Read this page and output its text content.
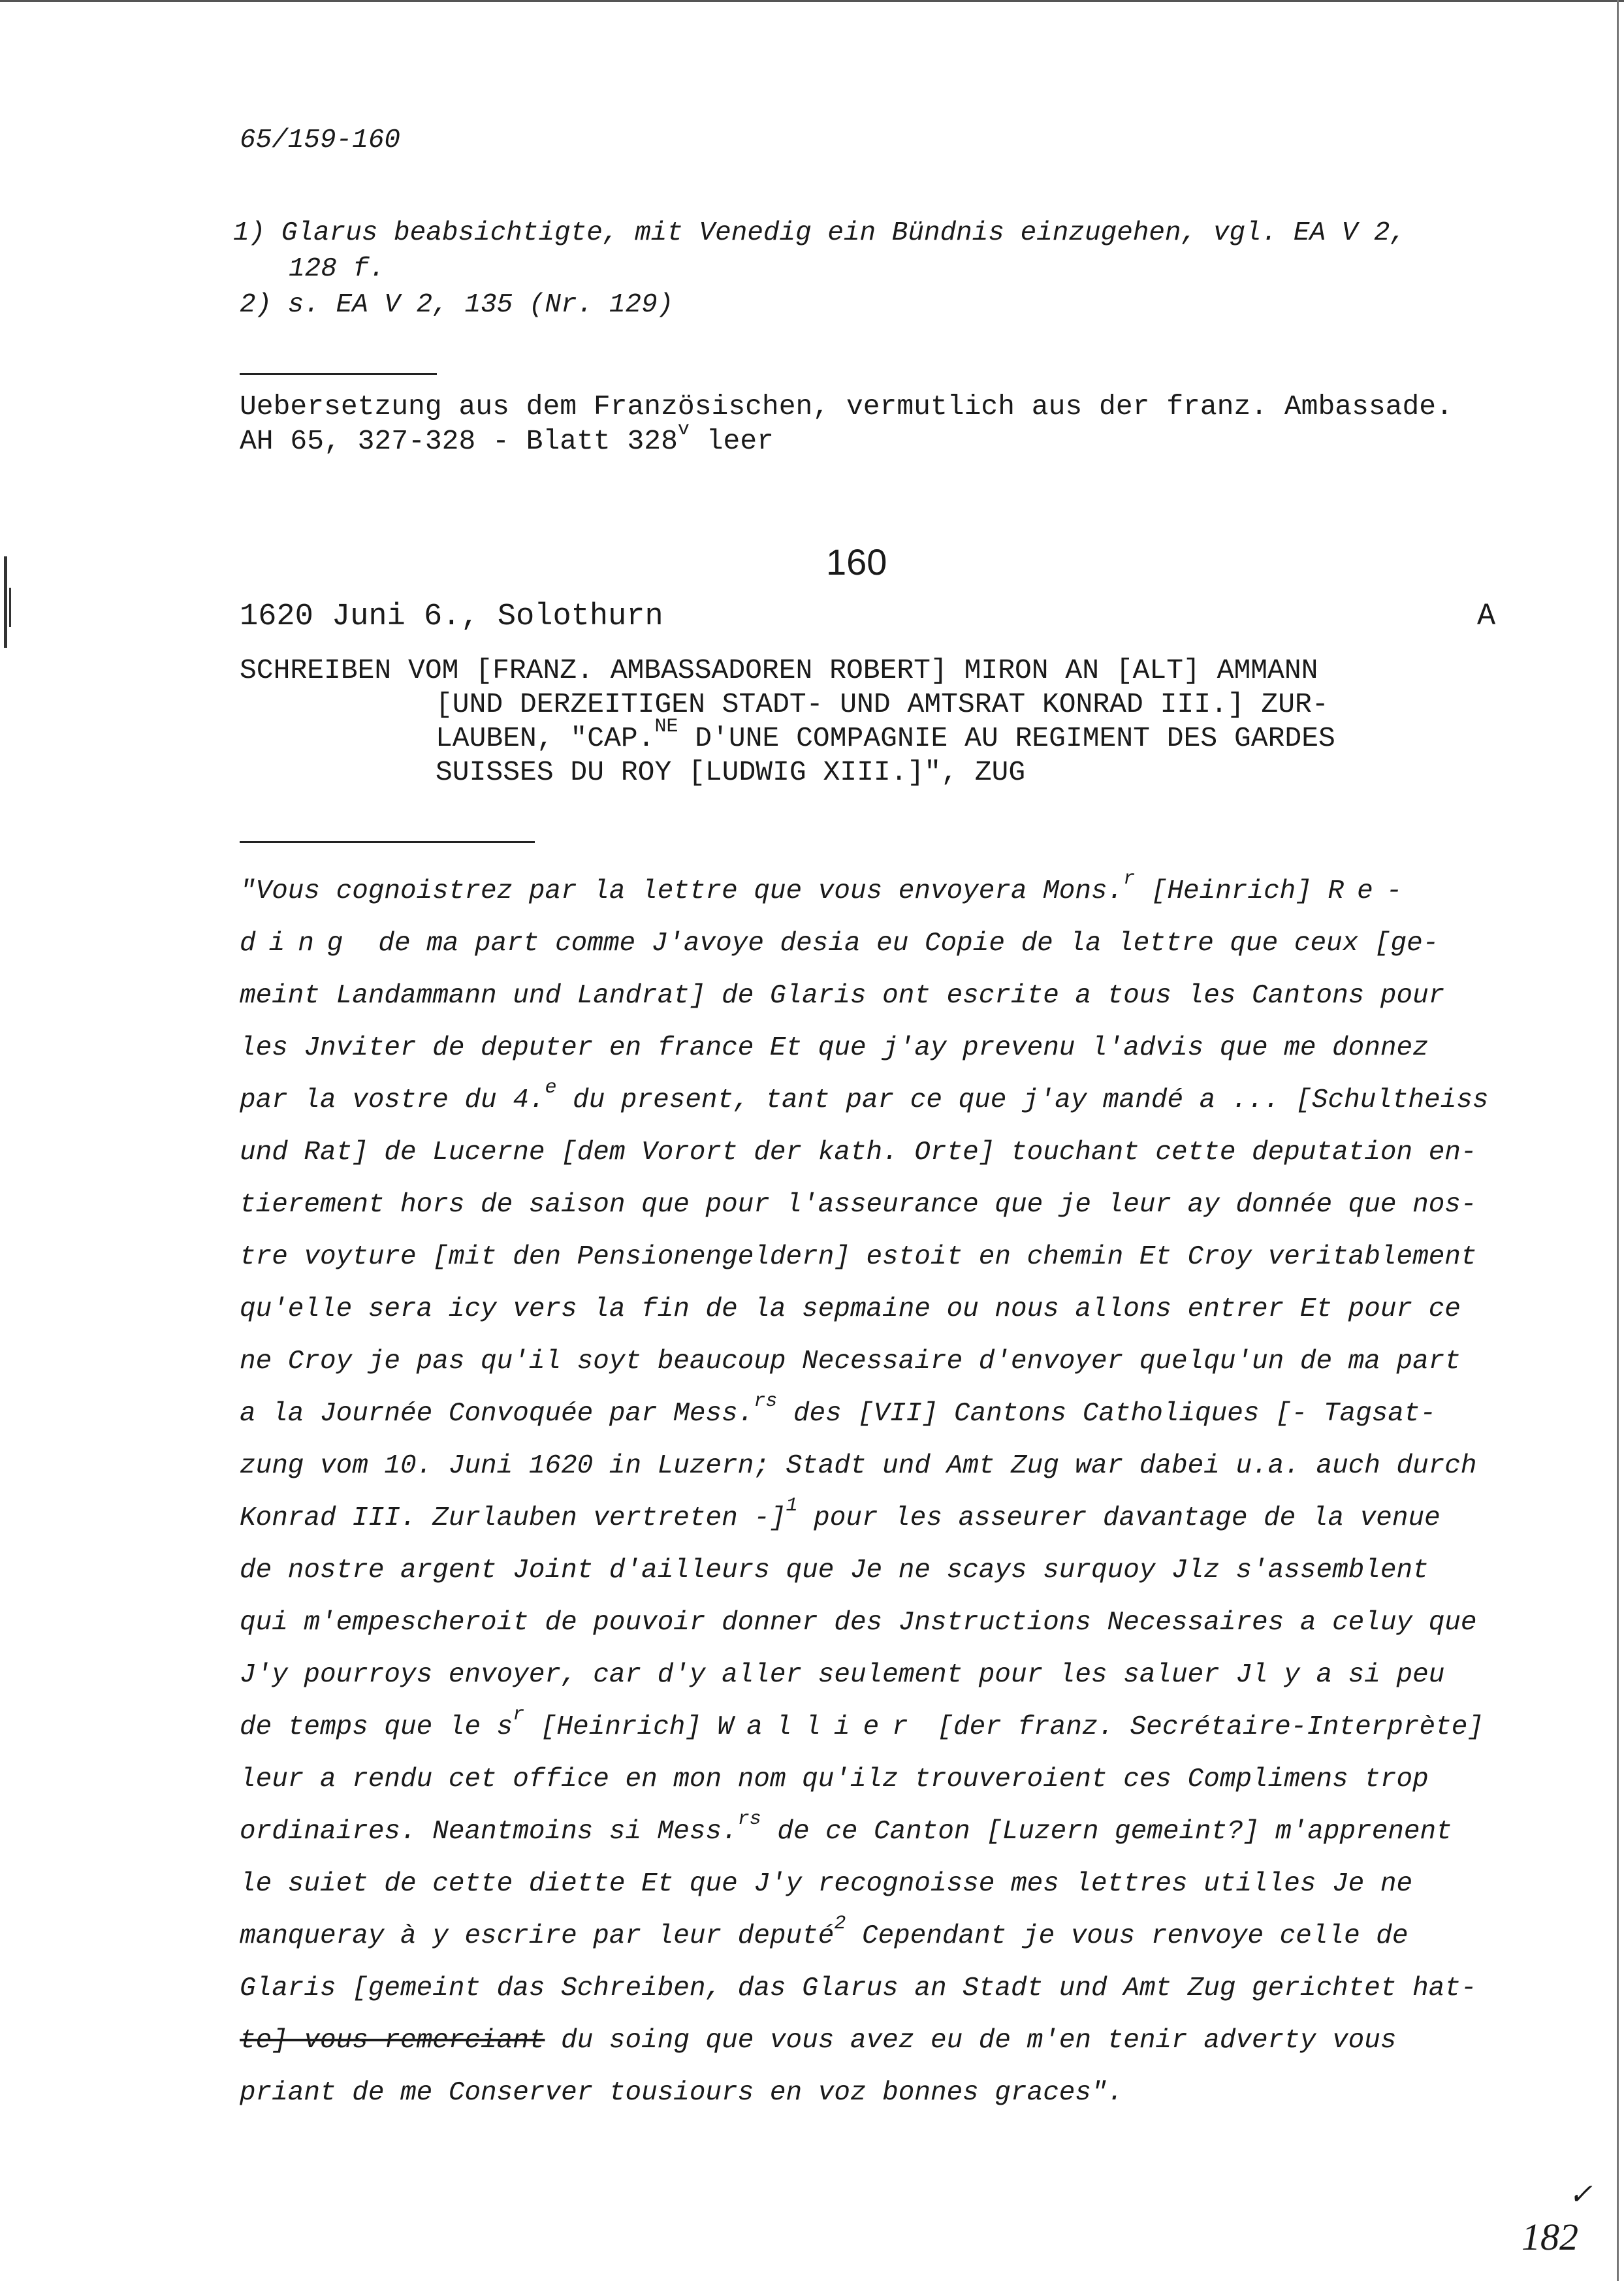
65/159-160
1) Glarus beabsichtigte, mit Venedig ein Bündnis einzugehen, vgl. EA V 2,
128 f.
2) s. EA V 2, 135 (Nr. 129)
Uebersetzung aus dem Französischen, vermutlich aus der franz. Ambassade.
AH 65, 327-328 - Blatt 328$^v$ leer
160
1620 Juni 6., Solothurn	A
SCHREIBEN VOM [FRANZ. AMBASSADOREN ROBERT] MIRON AN [ALT] AMMANN
[UND DERZEITIGEN STADT- UND AMTSRAT KONRAD III.] ZUR-
LAUBEN, "CAP.$^{NE}$ D'UNE COMPAGNIE AU REGIMENT DES GARDES
SUISSES DU ROY [LUDWIG XIII.]", ZUG
"Vous cognoistrez par la lettre que vous envoyera Mons.$^r$ [Heinrich] Re-
ding de ma part comme J'avoye desia eu Copie de la lettre que ceux [ge-
meint Landammann und Landrat] de Glaris ont escrite a tous les Cantons pour
les Jnviter de deputer en france Et que j'ay prevenu l'advis que me donnez
par la vostre du 4.$^e$ du present, tant par ce que j'ay mandé a ... [Schultheiss
und Rat] de Lucerne [dem Vorort der kath. Orte] touchant cette deputation en-
tierement hors de saison que pour l'asseurance que je leur ay donnée que nos-
tre voyture [mit den Pensionengeldern] estoit en chemin Et Croy veritablement
qu'elle sera icy vers la fin de la sepmaine ou nous allons entrer Et pour ce
ne Croy je pas qu'il soyt beaucoup Necessaire d'envoyer quelqu'un de ma part
a la Journée Convoquée par Mess.$^{rs}$ des [VII] Cantons Catholiques [- Tagsat-
zung vom 10. Juni 1620 in Luzern; Stadt und Amt Zug war dabei u.a. auch durch
Konrad III. Zurlauben vertreten -]$^1$ pour les asseurer davantage de la venue
de nostre argent Joint d'ailleurs que Je ne scays surquoy Jlz s'assemblent
qui m'empescheroit de pouvoir donner des Jnstructions Necessaires a celuy que
J'y pourroys envoyer, car d'y aller seulement pour les saluer Jl y a si peu
de temps que le $s^r$ [Heinrich] Wallier [der franz. Secrétaire-Interprète]
leur a rendu cet office en mon nom qu'ilz trouveroient ces Complimens trop
ordinaires. Neantmoins si Mess.$^{rs}$ de ce Canton [Luzern gemeint?] m'apprenent
le suiet de cette diette Et que J'y recognoisse mes lettres utilles Je ne
manqueray à y escrire par leur deputé$^2$ Cependant je vous renvoye celle de
Glaris [gemeint das Schreiben, das Glarus an Stadt und Amt Zug gerichtet hat-
te] vous remerciant du soing que vous avez eu de m'en tenir adverty vous
priant de me Conserver tousiours en voz bonnes graces".
✓
182
